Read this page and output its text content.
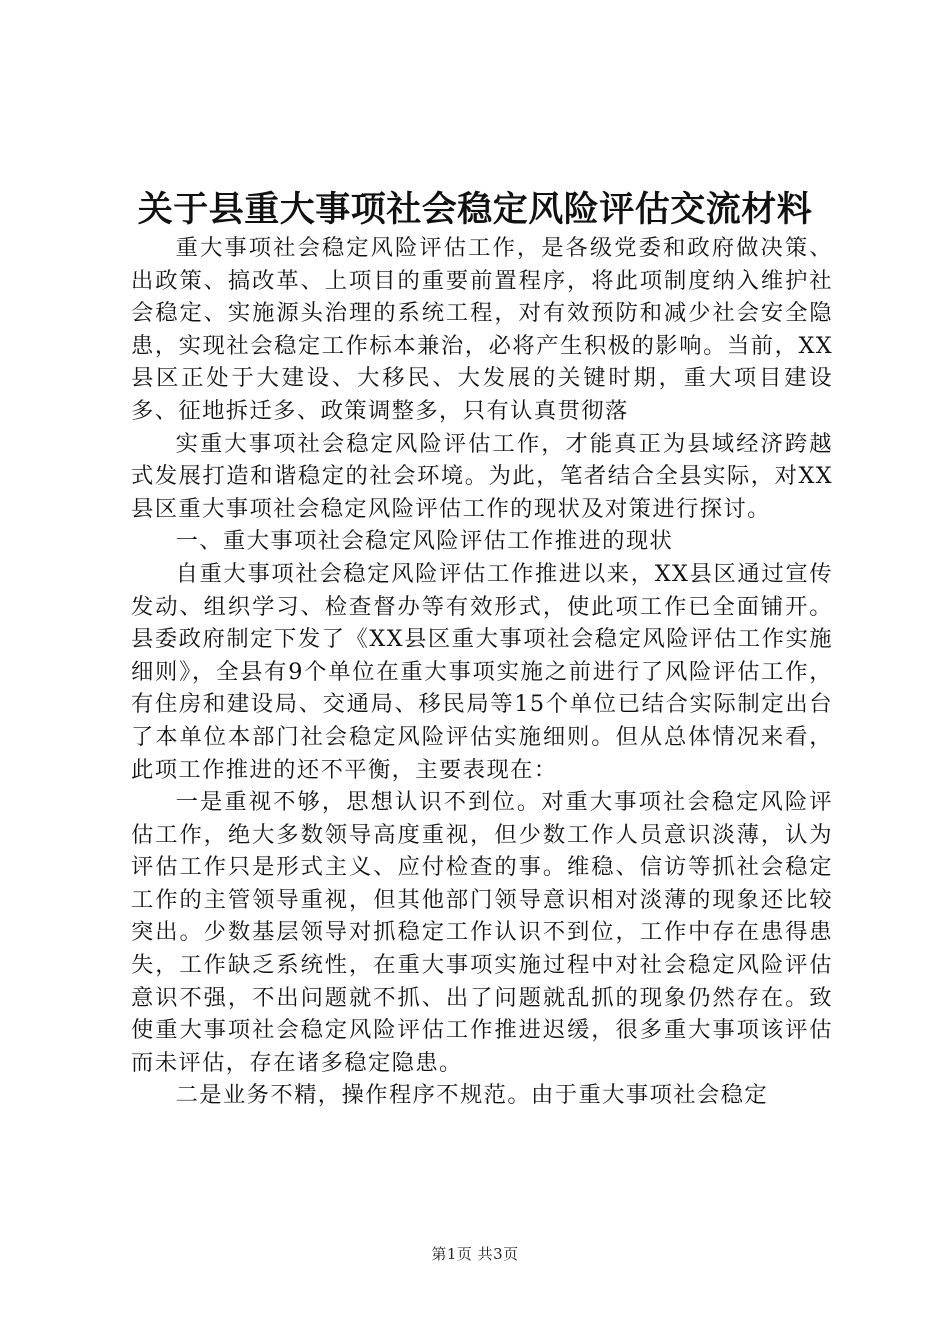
关于县重大事项社会稳定风险评估交流材料

重大事项社会稳定风险评估工作，是各级党委和政府做决策、出政策、搞改革、上项目的重要前置程序，将此项制度纳入维护社会稳定、实施源头治理的系统工程，对有效预防和减少社会安全隐患，实现社会稳定工作标本兼治，必将产生积极的影响。当前，XX县区正处于大建设、大移民、大发展的关键时期，重大项目建设多、征地拆迁多、政策调整多，只有认真贯彻落

实重大事项社会稳定风险评估工作，才能真正为县域经济跨越式发展打造和谐稳定的社会环境。为此，笔者结合全县实际，对XX县区重大事项社会稳定风险评估工作的现状及对策进行探讨。

一、重大事项社会稳定风险评估工作推进的现状

自重大事项社会稳定风险评估工作推进以来，XX县区通过宣传发动、组织学习、检查督办等有效形式，使此项工作已全面铺开。县委政府制定下发了《XX县区重大事项社会稳定风险评估工作实施细则》，全县有9个单位在重大事项实施之前进行了风险评估工作，有住房和建设局、交通局、移民局等15个单位已结合实际制定出台了本单位本部门社会稳定风险评估实施细则。但从总体情况来看，此项工作推进的还不平衡，主要表现在：

一是重视不够，思想认识不到位。对重大事项社会稳定风险评估工作，绝大多数领导高度重视，但少数工作人员意识淡薄，认为评估工作只是形式主义、应付检查的事。维稳、信访等抓社会稳定工作的主管领导重视，但其他部门领导意识相对淡薄的现象还比较突出。少数基层领导对抓稳定工作认识不到位，工作中存在患得患失，工作缺乏系统性，在重大事项实施过程中对社会稳定风险评估意识不强，不出问题就不抓、出了问题就乱抓的现象仍然存在。致使重大事项社会稳定风险评估工作推进迟缓，很多重大事项该评估而未评估，存在诸多稳定隐患。

二是业务不精，操作程序不规范。由于重大事项社会稳定

第1页 共3页
